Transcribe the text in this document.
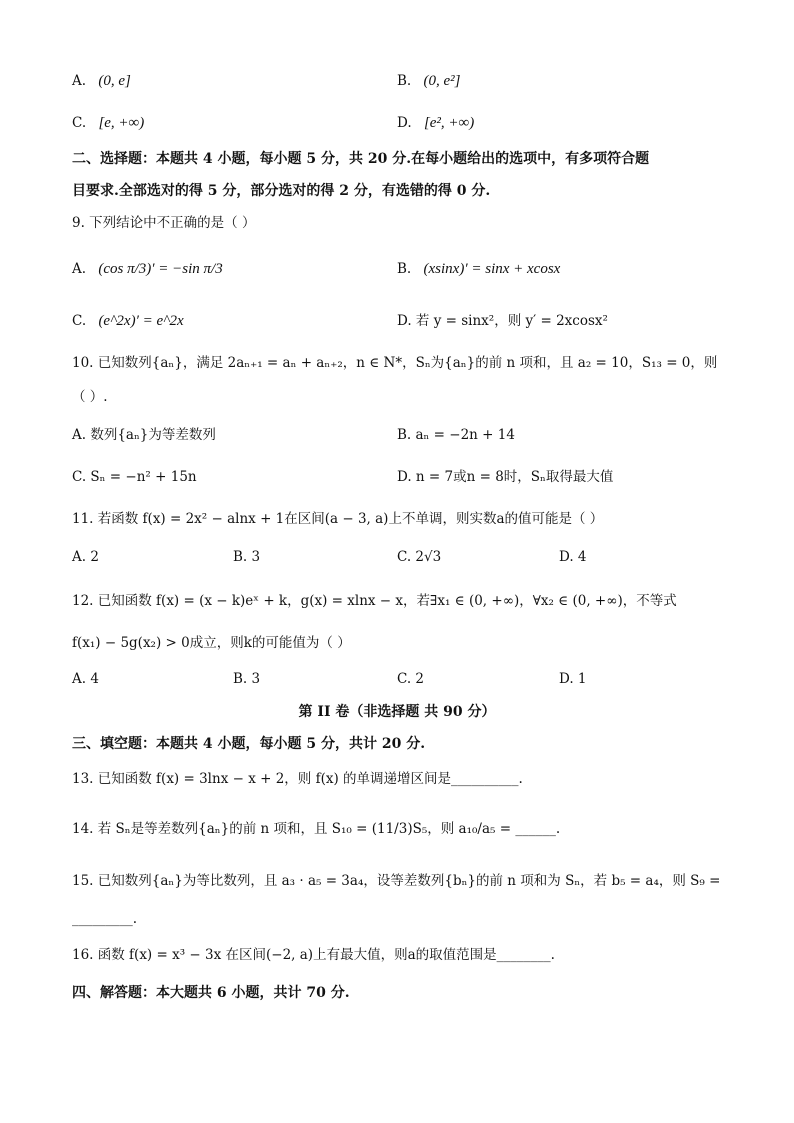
A. (0, e]	B. (0, e²]
C. [e, +∞)	D. [e², +∞)
二、选择题：本题共 4 小题，每小题 5 分，共 20 分.在每小题给出的选项中，有多项符合题
目要求.全部选对的得 5 分，部分选对的得 2 分，有选错的得 0 分.
9. 下列结论中不正确的是（ ）
A. (cos π/3)′ = −sin π/3	B. (xsinx)′ = sinx + xcosx
C. (e^2x)′ = e^2x	D. 若 y = sinx²，则 y′ = 2xcosx²
10. 已知数列{aₙ}，满足 2aₙ₊₁ = aₙ + aₙ₊₂，n ∈ N*，Sₙ为{aₙ}的前 n 项和，且 a₂ = 10，S₁₃ = 0，则
（ ）.
A. 数列{aₙ}为等差数列	B. aₙ = −2n + 14
C. Sₙ = −n² + 15n	D. n = 7或n = 8时，Sₙ取得最大值
11. 若函数 f(x) = 2x² − alnx + 1在区间(a − 3, a)上不单调，则实数a的值可能是（ ）
A. 2	B. 3	C. 2√3	D. 4
12. 已知函数 f(x) = (x − k)eˣ + k，g(x) = xlnx − x，若∃x₁ ∈ (0, +∞)，∀x₂ ∈ (0, +∞)，不等式
f(x₁) − 5g(x₂) > 0成立，则k的可能值为（ ）
A. 4	B. 3	C. 2	D. 1
第 II 卷（非选择题 共 90 分）
三、填空题：本题共 4 小题，每小题 5 分，共计 20 分.
13. 已知函数 f(x) = 3lnx − x + 2，则 f(x) 的单调递增区间是__________.
14. 若 Sₙ是等差数列{aₙ}的前 n 项和，且 S₁₀ = (11/3)S₅，则 a₁₀/a₅ = ______.
15. 已知数列{aₙ}为等比数列，且 a₃ · a₅ = 3a₄，设等差数列{bₙ}的前 n 项和为 Sₙ，若 b₅ = a₄，则 S₉ =
_________.
16. 函数 f(x) = x³ − 3x 在区间(−2, a)上有最大值，则a的取值范围是________.
四、解答题：本大题共 6 小题，共计 70 分.
